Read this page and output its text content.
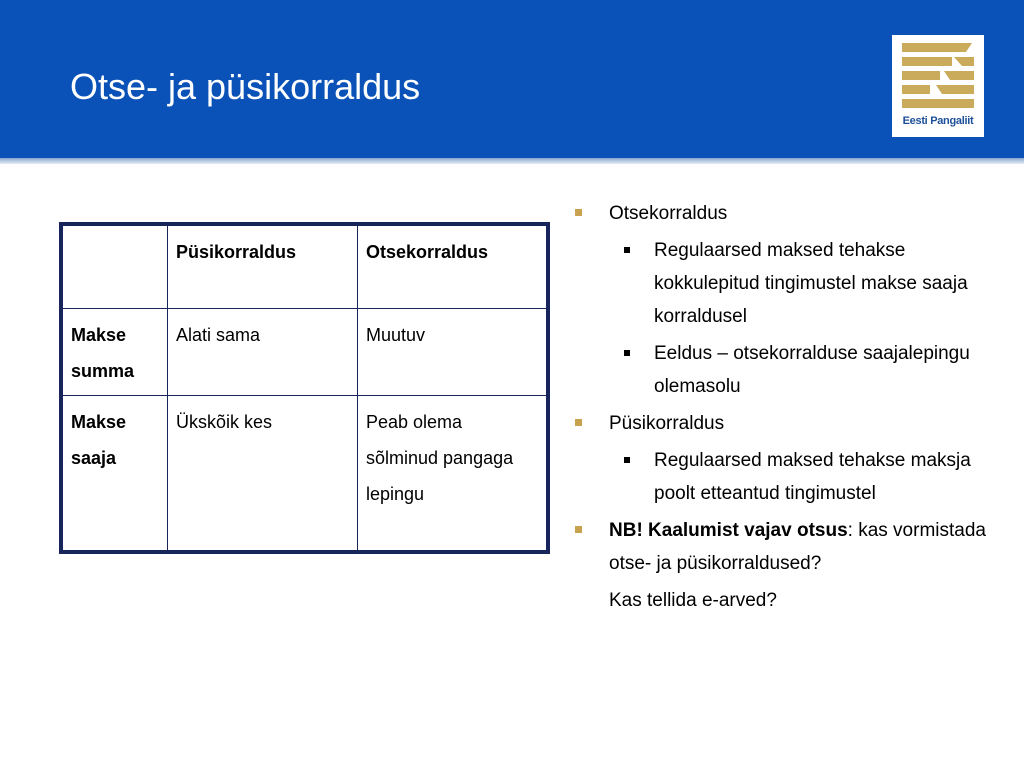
Otse- ja püsikorraldus
Eesti Pangaliit
	Püsikorraldus	Otsekorraldus
Makse summa	Alati sama	Muutuv
Makse saaja	Ükskõik kes	Peab olema sõlminud pangaga lepingu
Otsekorraldus
Regulaarsed maksed tehakse kokkulepitud tingimustel makse saaja korraldusel
Eeldus – otsekorralduse saajalepingu olemasolu
Püsikorraldus
Regulaarsed maksed tehakse maksja poolt etteantud tingimustel
NB! Kaalumist vajav otsus: kas vormistada otse- ja püsikorraldused?
Kas tellida e-arved?
